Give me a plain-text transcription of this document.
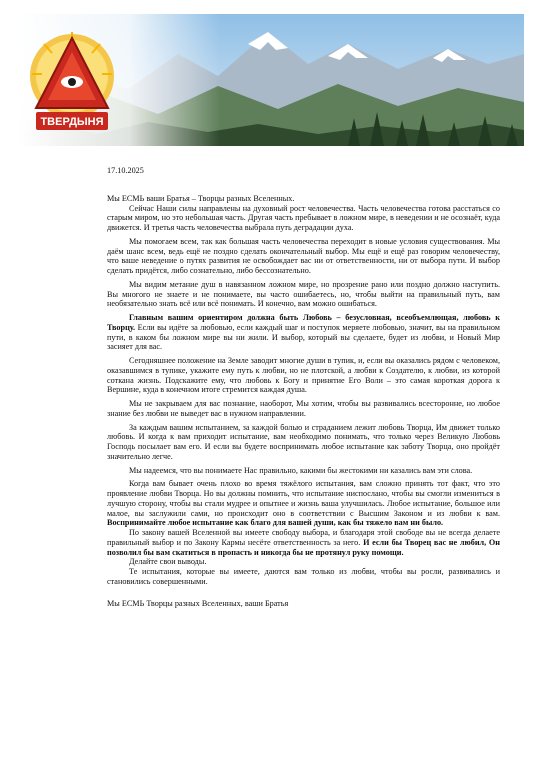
ТВЕРДЫНЯ

17.10.2025

Мы ЕСМЬ ваши Братья – Творцы разных Вселенных.

Сейчас Наши силы направлены на духовный рост человечества. Часть человечества готова расстаться со старым миром, но это небольшая часть. Другая часть пребывает в ложном мире, в неведении и не осознаёт, куда движется. И третья часть человечества выбрала путь деградации духа.

Мы помогаем всем, так как большая часть человечества переходит в новые условия существования. Мы даём шанс всем, ведь ещё не поздно сделать окончательный выбор. Мы ещё и ещё раз говорим человечеству, что ваше неведение о путях развития не освобождает вас ни от ответственности, ни от выбора пути. И выбор сделать придётся, либо сознательно, либо бессознательно.

Мы видим метание душ в навязанном ложном мире, но прозрение рано или поздно должно наступить. Вы многого не знаете и не понимаете, вы часто ошибаетесь, но, чтобы выйти на правильный путь, вам необязательно знать всё или всё понимать. И конечно, вам можно ошибаться.

Главным вашим ориентиром должна быть Любовь – безусловная, всеобъемлющая, любовь к Творцу. Если вы идёте за любовью, если каждый шаг и поступок меряете любовью, значит, вы на правильном пути, в каком бы ложном мире вы ни жили. И выбор, который вы сделаете, будет из любви, и Новый Мир засияет для вас.

Сегодняшнее положение на Земле заводит многие души в тупик, и, если вы оказались рядом с человеком, оказавшимся в тупике, укажите ему путь к любви, но не плотской, а любви к Создателю, к любви, из которой соткана жизнь. Подскажите ему, что любовь к Богу и принятие Его Воли – это самая короткая дорога к Вершине, куда в конечном итоге стремится каждая душа.

Мы не закрываем для вас познание, наоборот, Мы хотим, чтобы вы развивались всесторонне, но любое знание без любви не выведет вас в нужном направлении.

За каждым вашим испытанием, за каждой болью и страданием лежит любовь Творца, Им движет только любовь. И когда к вам приходит испытание, вам необходимо понимать, что только через Великую Любовь Господь посылает вам его. И если вы будете воспринимать любое испытание как заботу Творца, оно пройдёт значительно легче.

Мы надеемся, что вы понимаете Нас правильно, какими бы жестокими ни казались вам эти слова.

Когда вам бывает очень плохо во время тяжёлого испытания, вам сложно принять тот факт, что это проявление любви Творца. Но вы должны помнить, что испытание ниспослано, чтобы вы смогли измениться в лучшую сторону, чтобы вы стали мудрее и опытнее и жизнь ваша улучшилась. Любое испытание, большое или малое, вы заслужили сами, но происходит оно в соответствии с Высшим Законом и из любви к вам. Воспринимайте любое испытание как благо для вашей души, как бы тяжело вам ни было.

По закону вашей Вселенной вы имеете свободу выбора, и благодаря этой свободе вы не всегда делаете правильный выбор и по Закону Кармы несёте ответственность за него. И если бы Творец вас не любил, Он позволил бы вам скатиться в пропасть и никогда бы не протянул руку помощи.

Делайте свои выводы.

Те испытания, которые вы имеете, даются вам только из любви, чтобы вы росли, развивались и становились совершенными.

Мы ЕСМЬ Творцы разных Вселенных, ваши Братья
